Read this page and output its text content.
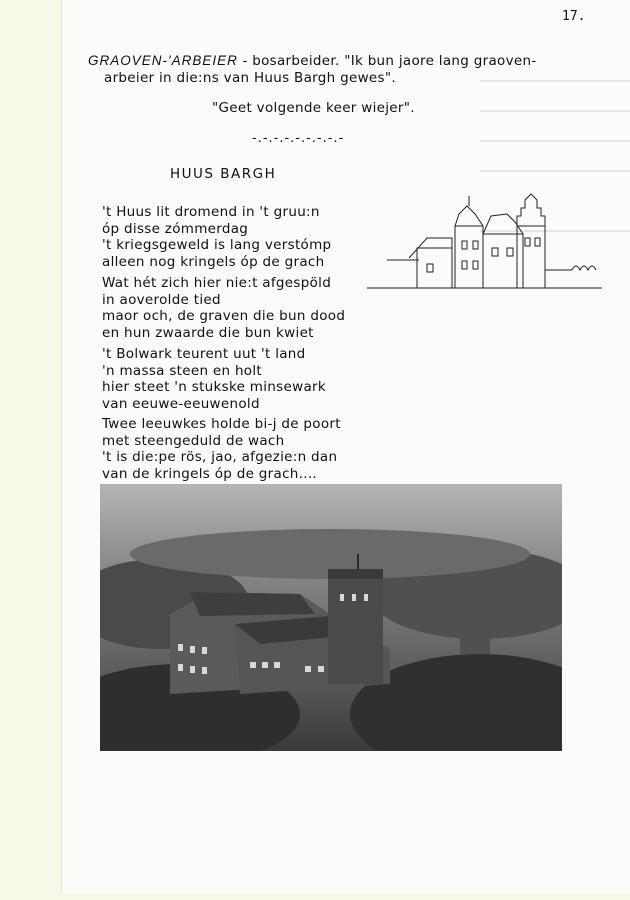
17.
GRAOVEN-'ARBEIER - bosarbeider. "Ik bun jaore lang graoven-
arbeier in die:ns van Huus Bargh gewes".
"Geet volgende keer wiejer".
-.-.-.-.-.-.-.-.-
HUUS BARGH
't Huus lit dromend in 't gruu:n
óp disse zómmerdag
't kriegsgeweld is lang verstómp
alleen nog kringels óp de grach
Wat hét zich hier nie:t afgespöld
in aoverolde tied
maor och, de graven die bun dood
en hun zwaarde die bun kwiet
't Bolwark teurent uut 't land
'n massa steen en holt
hier steet 'n stukske minsewark
van eeuwe-eeuwenold
Twee leeuwkes holde bi-j de poort
met steengeduld de wach
't is die:pe rös, jao, afgezie:n dan
van de kringels óp de grach....
